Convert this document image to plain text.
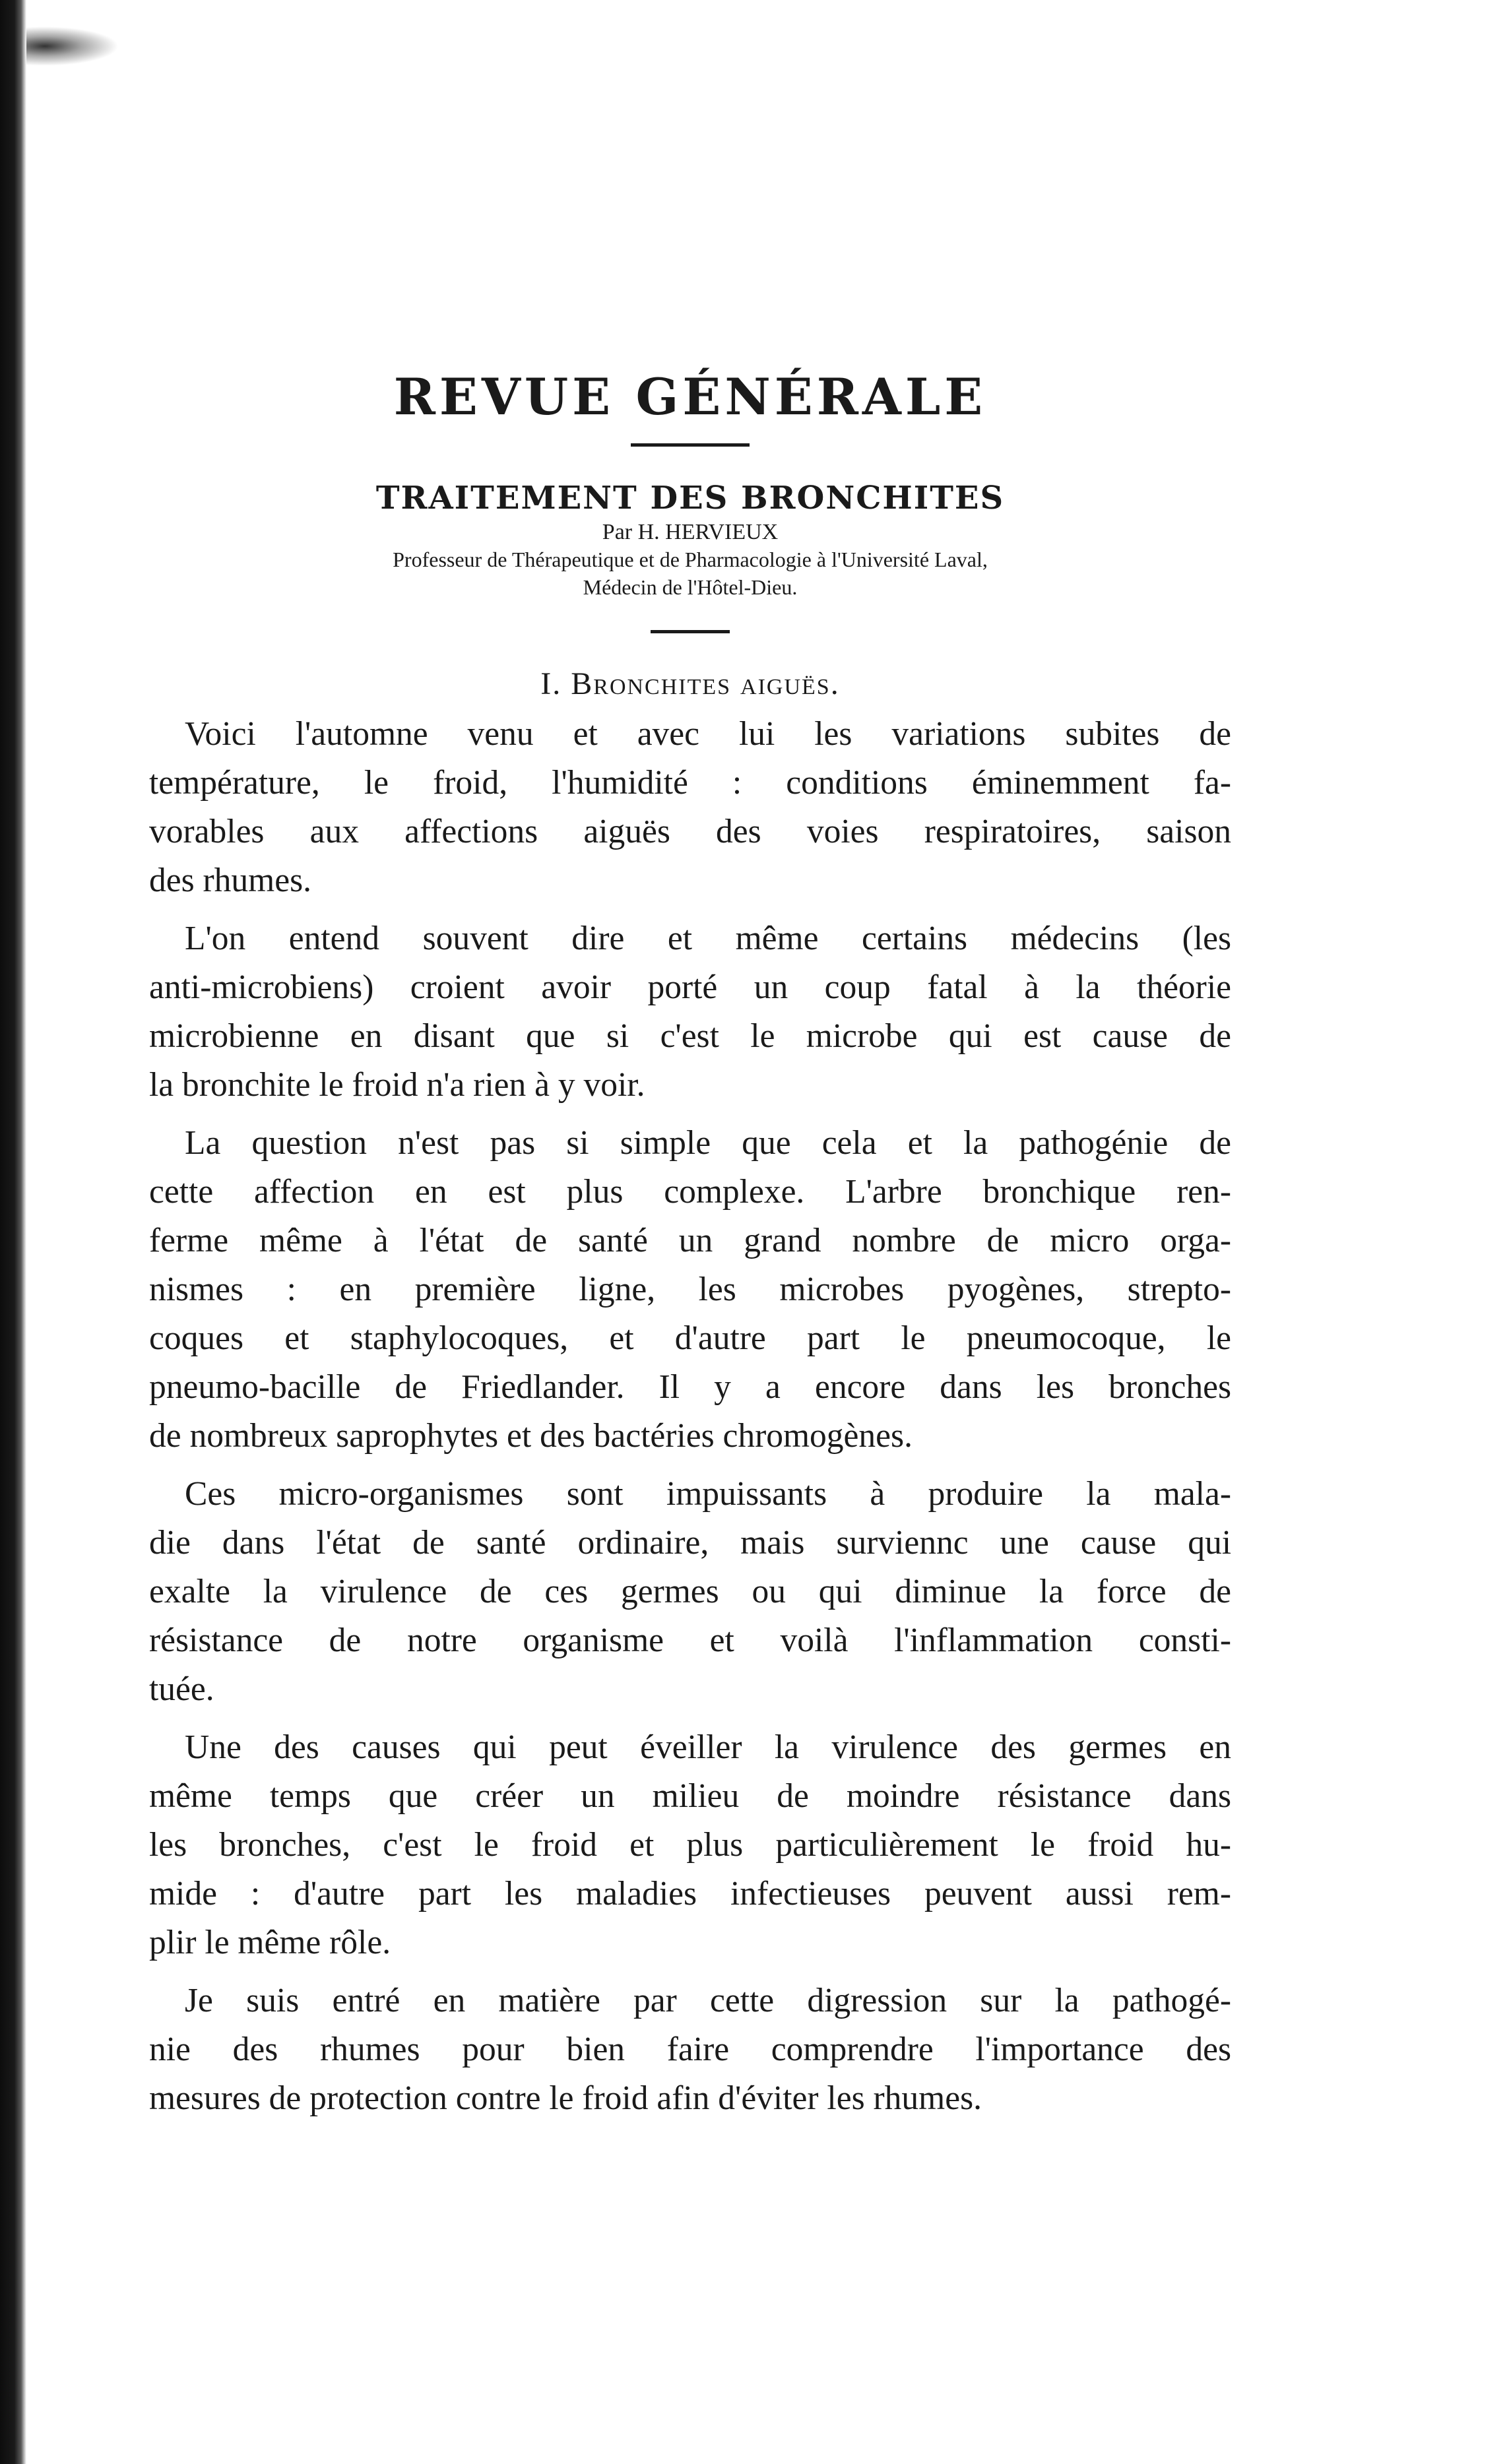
REVUE GÉNÉRALE
TRAITEMENT DES BRONCHITES
Par H. HERVIEUX
Professeur de Thérapeutique et de Pharmacologie à l'Université Laval,
Médecin de l'Hôtel-Dieu.
I. Bronchites aiguës.

Voici l'automne venu et avec lui les variations subites de
température, le froid, l'humidité : conditions éminemment fa-
vorables aux affections aiguës des voies respiratoires, saison
des rhumes.

L'on entend souvent dire et même certains médecins (les
anti-microbiens) croient avoir porté un coup fatal à la théorie
microbienne en disant que si c'est le microbe qui est cause de
la bronchite le froid n'a rien à y voir.

La question n'est pas si simple que cela et la pathogénie de
cette affection en est plus complexe. L'arbre bronchique ren-
ferme même à l'état de santé un grand nombre de micro orga-
nismes : en première ligne, les microbes pyogènes, strepto-
coques et staphylocoques, et d'autre part le pneumocoque, le
pneumo-bacille de Friedlander. Il y a encore dans les bronches
de nombreux saprophytes et des bactéries chromogènes.

Ces micro-organismes sont impuissants à produire la mala-
die dans l'état de santé ordinaire, mais surviennc une cause qui
exalte la virulence de ces germes ou qui diminue la force de
résistance de notre organisme et voilà l'inflammation consti-
tuée.

Une des causes qui peut éveiller la virulence des germes en
même temps que créer un milieu de moindre résistance dans
les bronches, c'est le froid et plus particulièrement le froid hu-
mide : d'autre part les maladies infectieuses peuvent aussi rem-
plir le même rôle.

Je suis entré en matière par cette digression sur la pathogé-
nie des rhumes pour bien faire comprendre l'importance des
mesures de protection contre le froid afin d'éviter les rhumes.
